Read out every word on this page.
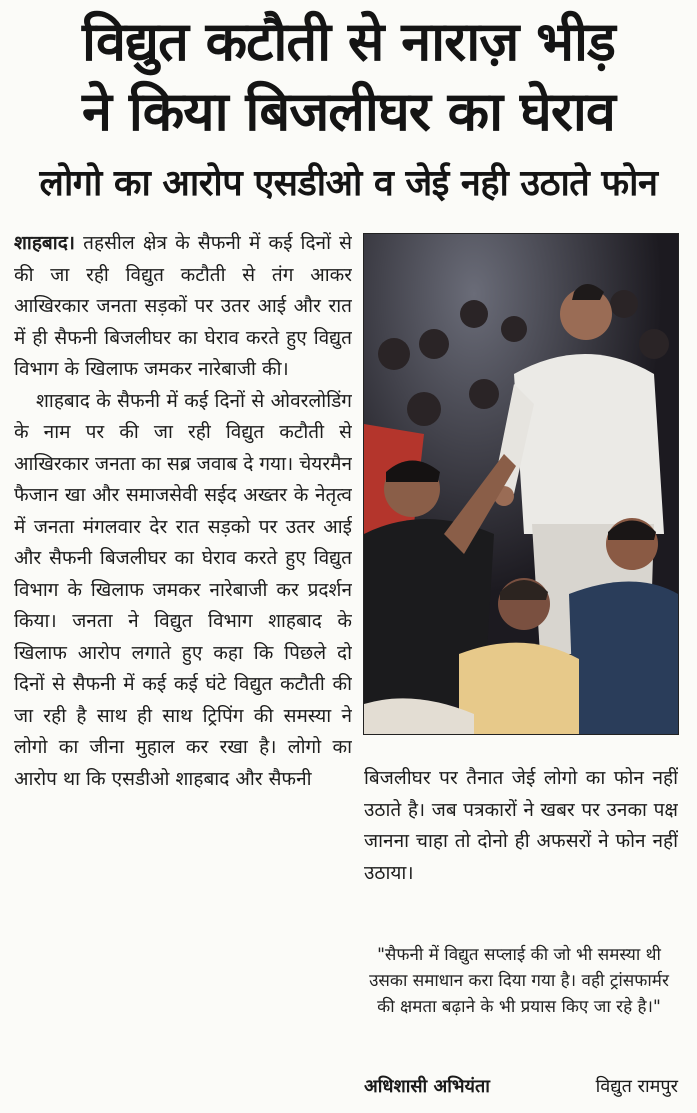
विद्युत कटौती से नाराज़ भीड़
ने किया बिजलीघर का घेराव
लोगो का आरोप एसडीओ व जेई नही उठाते फोन

शाहबाद। तहसील क्षेत्र के सैफनी में कई दिनों से की जा रही विद्युत कटौती से तंग आकर आखिरकार जनता सड़कों पर उतर आई और रात में ही सैफनी बिजलीघर का घेराव करते हुए विद्युत विभाग के खिलाफ जमकर नारेबाजी की।

शाहबाद के सैफनी में कई दिनों से ओवरलोडिंग के नाम पर की जा रही विद्युत कटौती से आखिरकार जनता का सब्र जवाब दे गया। चेयरमैन फैजान खा और समाजसेवी सईद अख्तर के नेतृत्व में जनता मंगलवार देर रात सड़को पर उतर आई और सैफनी बिजलीघर का घेराव करते हुए विद्युत विभाग के खिलाफ जमकर नारेबाजी कर प्रदर्शन किया। जनता ने विद्युत विभाग शाहबाद के खिलाफ आरोप लगाते हुए कहा कि पिछले दो दिनों से सैफनी में कई कई घंटे विद्युत कटौती की जा रही है साथ ही साथ ट्रिपिंग की समस्या ने लोगो का जीना मुहाल कर रखा है। लोगो का आरोप था कि एसडीओ शाहबाद और सैफनी	बिजलीघर पर तैनात जेई लोगो का फोन नहीं उठाते है। जब पत्रकारों ने खबर पर उनका पक्ष जानना चाहा तो दोनो ही अफसरों ने फोन नहीं उठाया।

"सैफनी में विद्युत सप्लाई की जो भी समस्या थी उसका समाधान करा दिया गया है। वही ट्रांसफार्मर की क्षमता बढ़ाने के भी प्रयास किए जा रहे है।"
अधिशासी अभियंता	विद्युत रामपुर
